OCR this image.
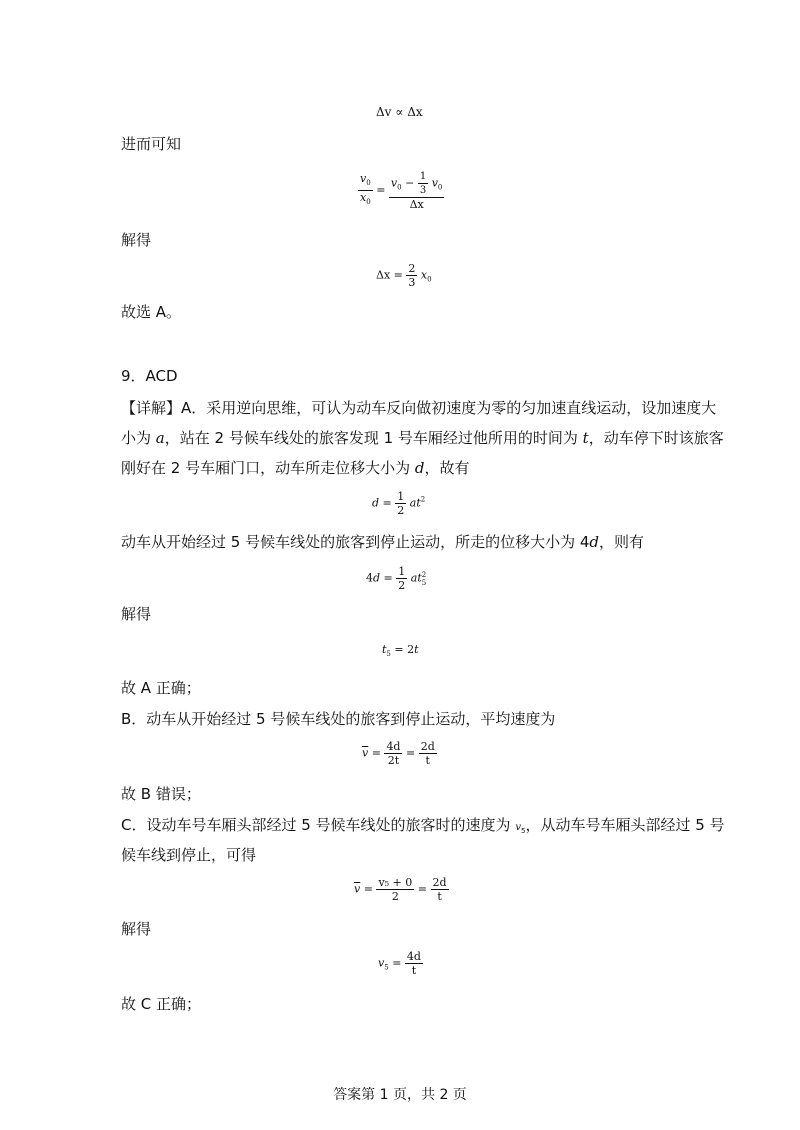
Δv ∝ Δx
进而可知
$\frac{v_0}{x_0} = \frac{v_0 - \frac{1}{3} v_0}{\Delta x}$
解得
$\Delta x = \frac{2}{3} x_0$
故选 A。
9．ACD
【详解】A．采用逆向思维，可认为动车反向做初速度为零的匀加速直线运动，设加速度大
小为 a，站在 2 号候车线处的旅客发现 1 号车厢经过他所用的时间为 t，动车停下时该旅客
刚好在 2 号车厢门口，动车所走位移大小为 d，故有
$d = \frac{1}{2} at^2$
动车从开始经过 5 号候车线处的旅客到停止运动，所走的位移大小为 4d，则有
$4d = \frac{1}{2}$ at 2
5
解得
$t_5 = 2t$
故 A 正确；
B．动车从开始经过 5 号候车线处的旅客到停止运动，平均速度为
$\overline{v} = \frac{4d}{2t} = \frac{2d}{t}$
故 B 错误；
C．设动车号车厢头部经过 5 号候车线处的旅客时的速度为 $v_5$，从动车号车厢头部经过 5 号
候车线到停止，可得
$\overline{v} = \frac{\text{v₅ + 0}}{2} = \frac{2d}{t}$
解得
$v_5 = \frac{4d}{t}$
故 C 正确；
答案第 1 页，共 2 页
